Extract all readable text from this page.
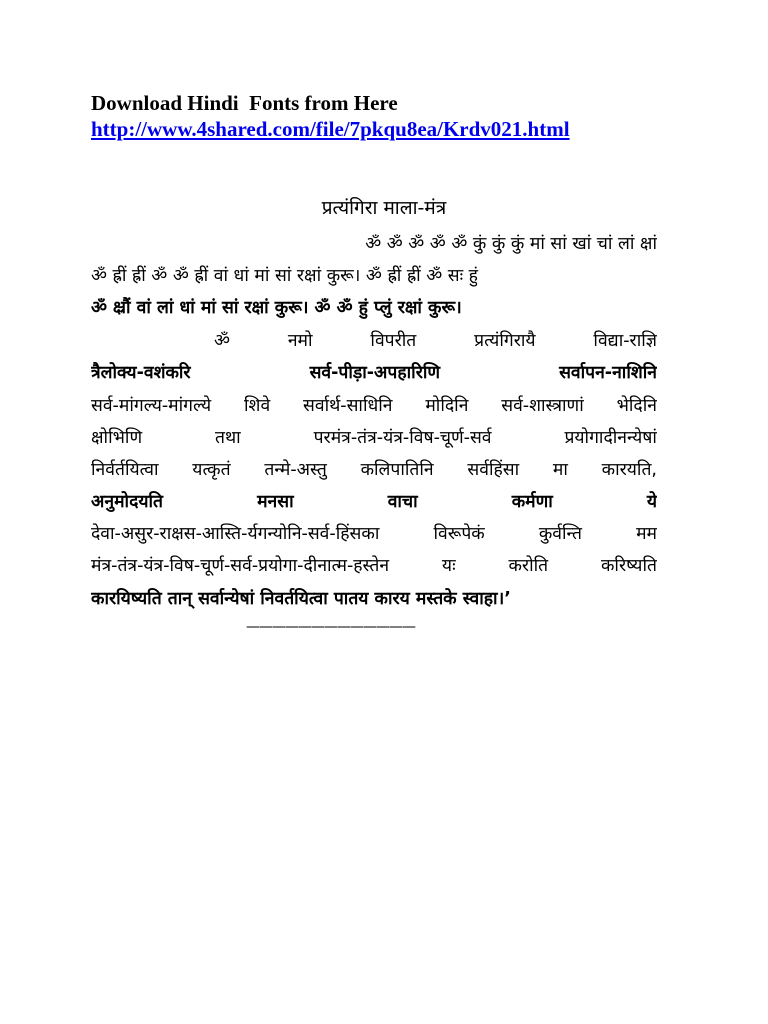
Download Hindi  Fonts from Here
http://www.4shared.com/file/7pkqu8ea/Krdv021.html
प्रत्यंगिरा माला-मंत्र
ॐ ॐ ॐ ॐ ॐ कुं कुं कुं मां सां खां चां लां क्षां
ॐ ह्रीं ह्रीं ॐ ॐ ह्रीं वां धां मां सां रक्षां कुरू। ॐ ह्रीं ह्रीं ॐ सः हुं
ॐ क्ष्रौं वां लां धां मां सां रक्षां कुरू। ॐ ॐ हुं प्लुं रक्षां कुरू।
ॐ	नमो	विपरीत	प्रत्यंगिरायै	विद्या-राज्ञि
त्रैलोक्य-वशंकरि	सर्व-पीड़ा-अपहारिणि	सर्वापन-नाशिनि
सर्व-मांगल्य-मांगल्ये शिवे सर्वार्थ-साधिनि मोदिनि सर्व-शास्त्राणां भेदिनि
क्षोभिणि	तथा	परमंत्र-तंत्र-यंत्र-विष-चूर्ण-सर्व	प्रयोगादीनन्येषां
निर्वर्तयित्वा यत्कृतं तन्मे-अस्तु कलिपातिनि सर्वहिंसा मा कारयति,
अनुमोदयति	मनसा	वाचा	कर्मणा	ये
देवा-असुर-राक्षस-आस्ति-र्यगन्योनि-सर्व-हिंसका	विरूपेकं	कुर्वन्ति	मम
मंत्र-तंत्र-यंत्र-विष-चूर्ण-सर्व-प्रयोगा-दीनात्म-हस्तेन	यः	करोति	करिष्यति
कारयिष्यति तान् सर्वान्येषां निवर्तयित्वा पातय कारय मस्तके स्वाहा।’
—————————————
